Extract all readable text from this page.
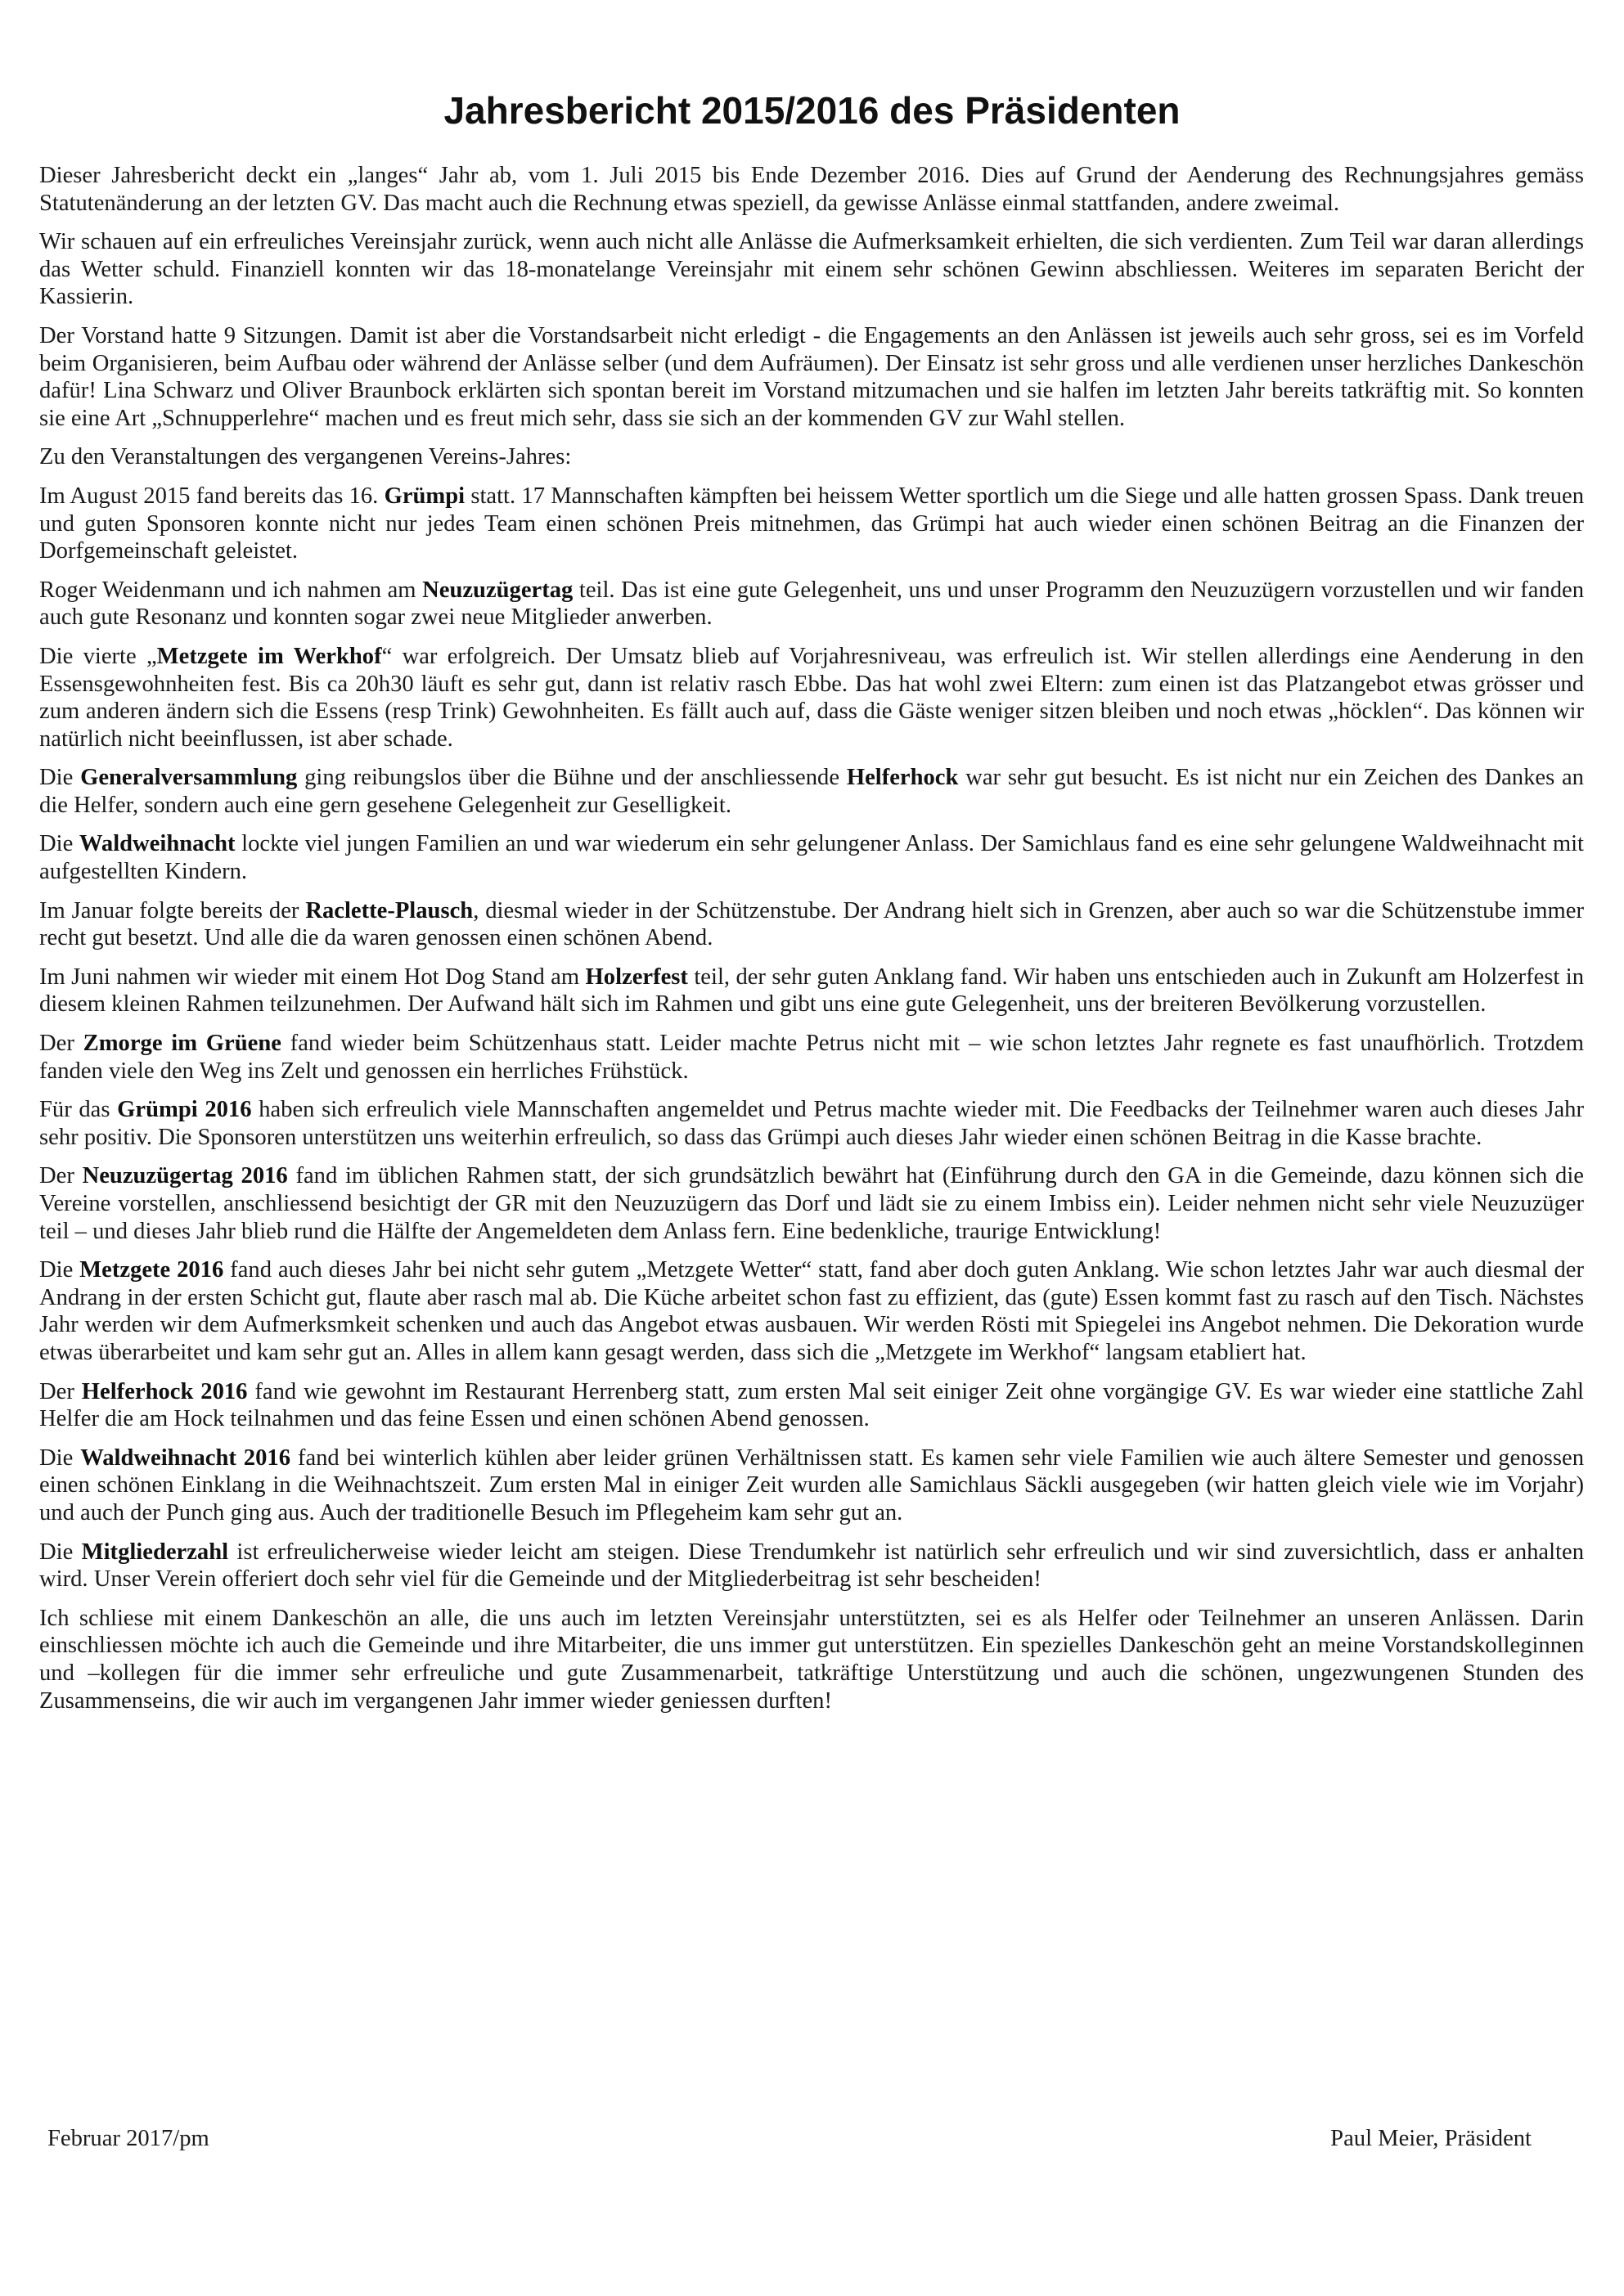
Jahresbericht 2015/2016 des Präsidenten

Dieser Jahresbericht deckt ein „langes“ Jahr ab, vom 1. Juli 2015 bis Ende Dezember 2016. Dies auf Grund der Aenderung des Rechnungsjahres gemäss Statutenänderung an der letzten GV. Das macht auch die Rechnung etwas speziell, da gewisse Anlässe einmal stattfanden, andere zweimal.

Wir schauen auf ein erfreuliches Vereinsjahr zurück, wenn auch nicht alle Anlässe die Aufmerksamkeit erhielten, die sich verdienten. Zum Teil war daran allerdings das Wetter schuld. Finanziell konnten wir das 18-monatelange Vereinsjahr mit einem sehr schönen Gewinn abschliessen. Weiteres im separaten Bericht der Kassierin.

Der Vorstand hatte 9 Sitzungen. Damit ist aber die Vorstandsarbeit nicht erledigt - die Engagements an den Anlässen ist jeweils auch sehr gross, sei es im Vorfeld beim Organisieren, beim Aufbau oder während der Anlässe selber (und dem Aufräumen). Der Einsatz ist sehr gross und alle verdienen unser herzliches Dankeschön dafür! Lina Schwarz und Oliver Braunbock erklärten sich spontan bereit im Vorstand mitzumachen und sie halfen im letzten Jahr bereits tatkräftig mit. So konnten sie eine Art „Schnupperlehre“ machen und es freut mich sehr, dass sie sich an der kommenden GV zur Wahl stellen.

Zu den Veranstaltungen des vergangenen Vereins-Jahres:

Im August 2015 fand bereits das 16. Grümpi statt. 17 Mannschaften kämpften bei heissem Wetter sportlich um die Siege und alle hatten grossen Spass. Dank treuen und guten Sponsoren konnte nicht nur jedes Team einen schönen Preis mitnehmen, das Grümpi hat auch wieder einen schönen Beitrag an die Finanzen der Dorfgemeinschaft geleistet.

Roger Weidenmann und ich nahmen am Neuzuzügertag teil. Das ist eine gute Gelegenheit, uns und unser Programm den Neuzuzügern vorzustellen und wir fanden auch gute Resonanz und konnten sogar zwei neue Mitglieder anwerben.

Die vierte „Metzgete im Werkhof“ war erfolgreich. Der Umsatz blieb auf Vorjahresniveau, was erfreulich ist. Wir stellen allerdings eine Aenderung in den Essensgewohnheiten fest. Bis ca 20h30 läuft es sehr gut, dann ist relativ rasch Ebbe. Das hat wohl zwei Eltern: zum einen ist das Platzangebot etwas grösser und zum anderen ändern sich die Essens (resp Trink) Gewohnheiten. Es fällt auch auf, dass die Gäste weniger sitzen bleiben und noch etwas „höcklen“. Das können wir natürlich nicht beeinflussen, ist aber schade.

Die Generalversammlung ging reibungslos über die Bühne und der anschliessende Helferhock war sehr gut besucht. Es ist nicht nur ein Zeichen des Dankes an die Helfer, sondern auch eine gern gesehene Gelegenheit zur Geselligkeit.

Die Waldweihnacht lockte viel jungen Familien an und war wiederum ein sehr gelungener Anlass. Der Samichlaus fand es eine sehr gelungene Waldweihnacht mit aufgestellten Kindern.

Im Januar folgte bereits der Raclette-Plausch, diesmal wieder in der Schützenstube. Der Andrang hielt sich in Grenzen, aber auch so war die Schützenstube immer recht gut besetzt. Und alle die da waren genossen einen schönen Abend.

Im Juni nahmen wir wieder mit einem Hot Dog Stand am Holzerfest teil, der sehr guten Anklang fand. Wir haben uns entschieden auch in Zukunft am Holzerfest in diesem kleinen Rahmen teilzunehmen. Der Aufwand hält sich im Rahmen und gibt uns eine gute Gelegenheit, uns der breiteren Bevölkerung vorzustellen.

Der Zmorge im Grüene fand wieder beim Schützenhaus statt. Leider machte Petrus nicht mit – wie schon letztes Jahr regnete es fast unaufhörlich. Trotzdem fanden viele den Weg ins Zelt und genossen ein herrliches Frühstück.

Für das Grümpi 2016 haben sich erfreulich viele Mannschaften angemeldet und Petrus machte wieder mit. Die Feedbacks der Teilnehmer waren auch dieses Jahr sehr positiv. Die Sponsoren unterstützen uns weiterhin erfreulich, so dass das Grümpi auch dieses Jahr wieder einen schönen Beitrag in die Kasse brachte.

Der Neuzuzügertag 2016 fand im üblichen Rahmen statt, der sich grundsätzlich bewährt hat (Einführung durch den GA in die Gemeinde, dazu können sich die Vereine vorstellen, anschliessend besichtigt der GR mit den Neuzuzügern das Dorf und lädt sie zu einem Imbiss ein). Leider nehmen nicht sehr viele Neuzuzüger teil – und dieses Jahr blieb rund die Hälfte der Angemeldeten dem Anlass fern. Eine bedenkliche, traurige Entwicklung!

Die Metzgete 2016 fand auch dieses Jahr bei nicht sehr gutem „Metzgete Wetter“ statt, fand aber doch guten Anklang. Wie schon letztes Jahr war auch diesmal der Andrang in der ersten Schicht gut, flaute aber rasch mal ab. Die Küche arbeitet schon fast zu effizient, das (gute) Essen kommt fast zu rasch auf den Tisch. Nächstes Jahr werden wir dem Aufmerksmkeit schenken und auch das Angebot etwas ausbauen. Wir werden Rösti mit Spiegelei ins Angebot nehmen. Die Dekoration wurde etwas überarbeitet und kam sehr gut an. Alles in allem kann gesagt werden, dass sich die „Metzgete im Werkhof“ langsam etabliert hat.

Der Helferhock 2016 fand wie gewohnt im Restaurant Herrenberg statt, zum ersten Mal seit einiger Zeit ohne vorgängige GV. Es war wieder eine stattliche Zahl Helfer die am Hock teilnahmen und das feine Essen und einen schönen Abend genossen.

Die Waldweihnacht 2016 fand bei winterlich kühlen aber leider grünen Verhältnissen statt. Es kamen sehr viele Familien wie auch ältere Semester und genossen einen schönen Einklang in die Weihnachtszeit. Zum ersten Mal in einiger Zeit wurden alle Samichlaus Säckli ausgegeben (wir hatten gleich viele wie im Vorjahr) und auch der Punch ging aus. Auch der traditionelle Besuch im Pflegeheim kam sehr gut an.

Die Mitgliederzahl ist erfreulicherweise wieder leicht am steigen. Diese Trendumkehr ist natürlich sehr erfreulich und wir sind zuversichtlich, dass er anhalten wird. Unser Verein offeriert doch sehr viel für die Gemeinde und der Mitgliederbeitrag ist sehr bescheiden!

Ich schliese mit einem Dankeschön an alle, die uns auch im letzten Vereinsjahr unterstützten, sei es als Helfer oder Teilnehmer an unseren Anlässen. Darin einschliessen möchte ich auch die Gemeinde und ihre Mitarbeiter, die uns immer gut unterstützen. Ein spezielles Dankeschön geht an meine Vorstandskolleginnen und –kollegen für die immer sehr erfreuliche und gute Zusammenarbeit, tatkräftige Unterstützung und auch die schönen, ungezwungenen Stunden des Zusammenseins, die wir auch im vergangenen Jahr immer wieder geniessen durften!

Februar 2017/pm	Paul Meier, Präsident
